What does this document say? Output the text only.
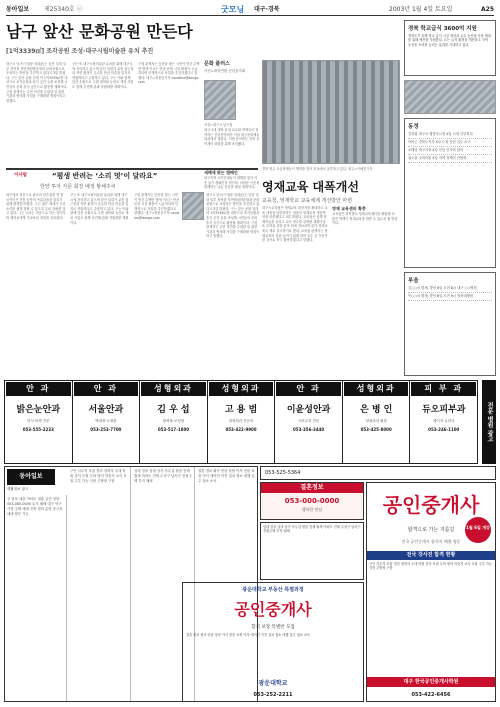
동아일보 제25340호 ⓔ	굿모닝 대구·경북	2003년 1월 4일 토요일	A25
남구 앞산 문화공원 만든다
[1억3339㎡] 조각공원 조성·대구시립미술관 유치 추진
대구시 남구(구청장 임대윤)는 앞산 일대 일부 지역을 자연체험학습장과 문화공원으로 조성하는 방안을 추진하고 있다고 3일 밝혔다. 구는 앞산 공원 일대 약 1억3339㎡를 대상으로 조각공원과 휴식 공간 등을 조성해 시민들의 문화 휴식 공간으로 활용할 계획이다. 구청 관계자는 주민 의견을 수렴한 뒤 관련 기관과 협의해 사업을 구체화할 방침이라고 말했다.
구는 또 대구시립미술관 유치를 위해 대구시에 건의하고 있으며 앞산 일대가 교통 접근성과 자연 환경이 우수한 만큼 미술관 입지로 적합하다고 주장하고 있다. 구는 이와 함께 앞산 순환도로 주변 정비와 등산로 개선 사업도 함께 추진해 관광 자원화할 계획이다.
구청 관계자는 앞산을 찾는 시민이 연간 수백만 명에 이르는 만큼 문화 시설 확충이 시급하다며 단계적으로 사업을 추진하겠다고 말했다. 대구=정용균기자 cavatina@donga.com
문화 플러스
사진=대학연합 신년음악회
사진=대구시 남구청
대구시내 대학 음대 교수와 학생들이 참여하는 신년음악회가 이달 대구문화예술회관에서 열린다. 이번 음악회는 지역 음악계의 화합을 위해 마련됐다.
새해에 맞는 캠페인
대구지역 시민단체들이 새해를 맞아 이웃 돕기 캠페인을 벌인다. 어려운 이웃과 함께하는 나눔 운동을 펼칠 계획이다.
경북 영주 초등학생들이 방학을 맞아 학교에서 공부하고 있다. 영주=이혜진기자
영재교육 대폭개선
교육청, 영재학교 교육체계 개선방안 마련
대구시교육청은 영재교육 대상자를 확대하고 교육 내용을 다양화하는 내용의 영재교육 개선방안을 마련했다고 3일 밝혔다. 교육청은 올해 영재학급을 늘리고 교사 연수를 강화할 계획이다. 또 수학과 과학 분야 외에 정보과학 분야 영재교육도 새로 실시하기로 했다. 교육청 관계자는 영재교육의 질을 높이기 위해 대학 교수 등 전문가를 강사로 적극 활용하겠다고 말했다.
영재 교육센터 확충
교육청은 지역별로 영재교육센터를 확충해 더 많은 학생이 영재교육을 받을 수 있도록 할 방침이다.
이사람	“평생 반려는 ‘소리 멋’이 달라요”
한양 투자 자문 회장 배정 황해주씨
대구에서 처음으로 판소리 전수관을 연 한 국악인은 전통 음악의 아름다움을 알리기 위해 평생을 바쳤다. 그는 젊은 세대가 우리 소리를 쉽게 접할 수 있도록 무료 강좌를 열고 있다. 그는 소리는 마음으로 하는 것이라며 제자들에게 기교보다 정성을 강조한다.
구는 또 대구시립미술관 유치를 위해 대구시에 건의하고 있으며 앞산 일대가 교통 접근성과 자연 환경이 우수한 만큼 미술관 입지로 적합하다고 주장하고 있다. 구는 이와 함께 앞산 순환도로 주변 정비와 등산로 개선 사업도 함께 추진해 관광 자원화할 계획이다.
구청 관계자는 앞산을 찾는 시민이 연간 수백만 명에 이르는 만큼 문화 시설 확충이 시급하다며 단계적으로 사업을 추진하겠다고 말했다. 대구=정용균기자 cavatina@donga.com
대구시 남구(구청장 임대윤)는 앞산 일대 일부 지역을 자연체험학습장과 문화공원으로 조성하는 방안을 추진하고 있다고 3일 밝혔다. 구는 앞산 공원 일대 약 1억3339㎡를 대상으로 조각공원과 휴식 공간 등을 조성해 시민들의 문화 휴식 공간으로 활용할 계획이다. 구청 관계자는 주민 의견을 수렴한 뒤 관련 기관과 협의해 사업을 구체화할 방침이라고 말했다.
경북 학교급식 3600억 지원
경북도가 올해 학교 급식 시설 개선과 우수 농산물 사용 확대를 위해 예산을 지원한다. 도는 급식 환경을 개선하고 지역 농산물 소비를 늘리는 효과를 기대하고 있다.
동정
김창섭 대구시 행정부시장 4일 시청 간부회의
이의근 경북도지사 4일 도청 신년 업무 보고
조해녕 대구시장 4일 신년 인사회 참석
권오을 국회의원 4일 지역 경제인 간담회
부음
김○○씨 별세, 발인 6일 오전 8시 대구 ○○병원
이○○씨 별세, 발인 6일 오전 9시 경북대병원
안 과
밝은눈안과
라식·라섹 전문
053-555-2233
안 과
서울안과
백내장·녹내장
053-253-7700
성형외과
김 우 섭
쌍꺼풀·코성형
053-517-1800
성형외과
고 용 범
성형외과 전문의
053-422-9900
안 과
이윤성안과
시력교정 전문
053-356-3440
성형외과
은 병 인
성형외과 원장
053-425-8000
피 부 과
듀오피부과
레이저 클리닉
053-246-1100	전문 병원 광고
동아일보
생활정보 광고
주 담보 대출 아파트 대출 급전 상담 053-000-0000 토지 매매 대구 북구 가정 주택 매매 신축 빌라 분양 중고차 매매 할부 가능
구인 사무직 모집 경리 경력자 우대 학원 강사 모집 수학 영어 학습지 교사 모집 주부 가능 식당 주방장 구함
임대 점포 임대 상가 사무실 원룸 전세 월세 아파트 전세 수성구 달서구 전원주택 부지 매매
결혼 정보 회사 만남 상담 이사 전문 포장 이사 에어컨 이전 설치 청소 대행 입주 청소 소독
053-525-5364
결혼정보
053-000-0000
행복한 만남
임대 점포 임대 상가 사무실 원룸 전세 월세 아파트 전세 수성구 달서구 전원주택 부지 매매
공인중개사
1월 6일 개강
합격으로 가는 지름길
전국 공인중개사 합격자 배출 명문
전국 강사진 합격 현황
구인 사무직 모집 경리 경력자 우대 학원 강사 모집 수학 영어 학습지 교사 모집 주부 가능 식당 주방장 구함
대구 한국공인중개사학원
053-422-6456
광운대학교 부동산 특별과정
공인중개사
합격 보장 특별반 모집
결혼 정보 회사 만남 상담 이사 전문 포장 이사 에어컨 이전 설치 청소 대행 입주 청소 소독
광운대학교
053-252-2211
